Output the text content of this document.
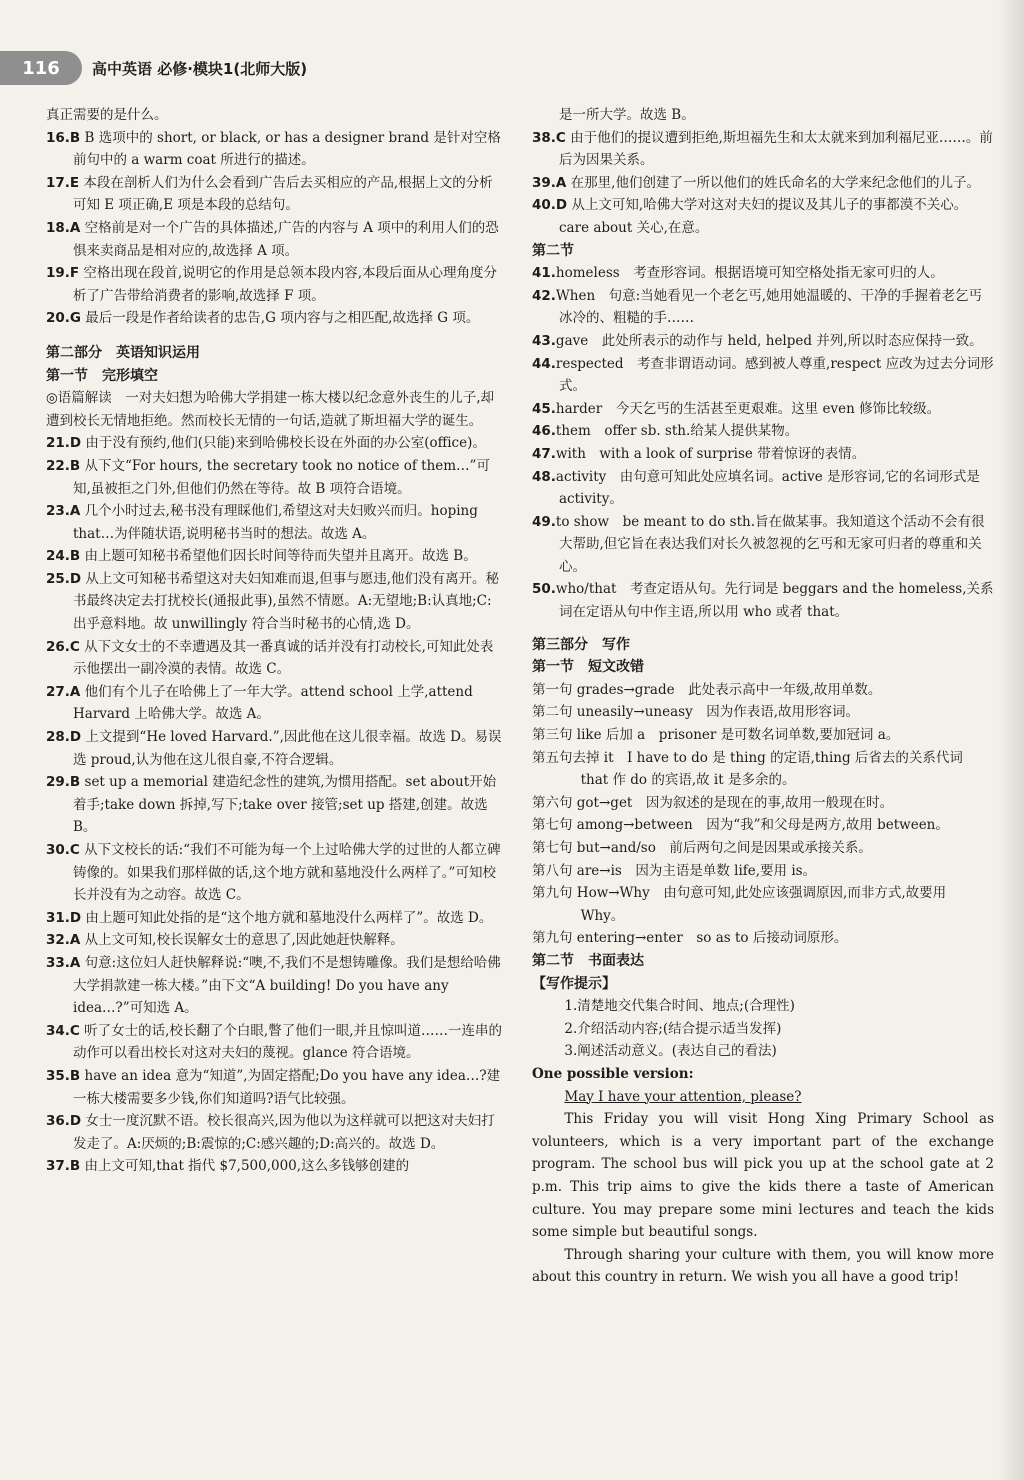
116	高中英语 必修·模块1(北师大版)

真正需要的是什么。

16.B B 选项中的 short, or black, or has a designer brand 是针对空格前句中的 a warm coat 所进行的描述。

17.E 本段在剖析人们为什么会看到广告后去买相应的产品,根据上文的分析可知 E 项正确,E 项是本段的总结句。

18.A 空格前是对一个广告的具体描述,广告的内容与 A 项中的利用人们的恐惧来卖商品是相对应的,故选择 A 项。

19.F 空格出现在段首,说明它的作用是总领本段内容,本段后面从心理角度分析了广告带给消费者的影响,故选择 F 项。

20.G 最后一段是作者给读者的忠告,G 项内容与之相匹配,故选择 G 项。

第二部分　英语知识运用

第一节　完形填空

◎语篇解读　一对夫妇想为哈佛大学捐建一栋大楼以纪念意外丧生的儿子,却遭到校长无情地拒绝。然而校长无情的一句话,造就了斯坦福大学的诞生。

21.D 由于没有预约,他们(只能)来到哈佛校长设在外面的办公室(office)。

22.B 从下文“For hours, the secretary took no notice of them…”可知,虽被拒之门外,但他们仍然在等待。故 B 项符合语境。

23.A 几个小时过去,秘书没有理睬他们,希望这对夫妇败兴而归。hoping that…为伴随状语,说明秘书当时的想法。故选 A。

24.B 由上题可知秘书希望他们因长时间等待而失望并且离开。故选 B。

25.D 从上文可知秘书希望这对夫妇知难而退,但事与愿违,他们没有离开。秘书最终决定去打扰校长(通报此事),虽然不情愿。A:无望地;B:认真地;C:出乎意料地。故 unwillingly 符合当时秘书的心情,选 D。

26.C 从下文女士的不幸遭遇及其一番真诚的话并没有打动校长,可知此处表示他摆出一副冷漠的表情。故选 C。

27.A 他们有个儿子在哈佛上了一年大学。attend school 上学,attend Harvard 上哈佛大学。故选 A。

28.D 上文提到“He loved Harvard.”,因此他在这儿很幸福。故选 D。易误选 proud,认为他在这儿很自豪,不符合逻辑。

29.B set up a memorial 建造纪念性的建筑,为惯用搭配。set about开始着手;take down 拆掉,写下;take over 接管;set up 搭建,创建。故选 B。

30.C 从下文校长的话:“我们不可能为每一个上过哈佛大学的过世的人都立碑铸像的。如果我们那样做的话,这个地方就和墓地没什么两样了。”可知校长并没有为之动容。故选 C。

31.D 由上题可知此处指的是“这个地方就和墓地没什么两样了”。故选 D。

32.A 从上文可知,校长误解女士的意思了,因此她赶快解释。

33.A 句意:这位妇人赶快解释说:“噢,不,我们不是想铸雕像。我们是想给哈佛大学捐款建一栋大楼。”由下文“A building! Do you have any idea…?”可知选 A。

34.C 听了女士的话,校长翻了个白眼,瞥了他们一眼,并且惊叫道……一连串的动作可以看出校长对这对夫妇的蔑视。glance 符合语境。

35.B have an idea 意为“知道”,为固定搭配;Do you have any idea…?建一栋大楼需要多少钱,你们知道吗?语气比较强。

36.D 女士一度沉默不语。校长很高兴,因为他以为这样就可以把这对夫妇打发走了。A:厌烦的;B:震惊的;C:感兴趣的;D:高兴的。故选 D。

37.B 由上文可知,that 指代 $7,500,000,这么多钱够创建的

是一所大学。故选 B。

38.C 由于他们的提议遭到拒绝,斯坦福先生和太太就来到加利福尼亚……。前后为因果关系。

39.A 在那里,他们创建了一所以他们的姓氏命名的大学来纪念他们的儿子。

40.D 从上文可知,哈佛大学对这对夫妇的提议及其儿子的事都漠不关心。care about 关心,在意。

第二节

41.homeless　考查形容词。根据语境可知空格处指无家可归的人。

42.When　句意:当她看见一个老乞丐,她用她温暖的、干净的手握着老乞丐冰冷的、粗糙的手……

43.gave　此处所表示的动作与 held, helped 并列,所以时态应保持一致。

44.respected　考查非谓语动词。感到被人尊重,respect 应改为过去分词形式。

45.harder　今天乞丐的生活甚至更艰难。这里 even 修饰比较级。

46.them　offer sb. sth.给某人提供某物。

47.with　with a look of surprise 带着惊讶的表情。

48.activity　由句意可知此处应填名词。active 是形容词,它的名词形式是 activity。

49.to show　be meant to do sth.旨在做某事。我知道这个活动不会有很大帮助,但它旨在表达我们对长久被忽视的乞丐和无家可归者的尊重和关心。

50.who/that　考查定语从句。先行词是 beggars and the homeless,关系词在定语从句中作主语,所以用 who 或者 that。

第三部分　写作

第一节　短文改错

第一句 grades→grade　此处表示高中一年级,故用单数。

第二句 uneasily→uneasy　因为作表语,故用形容词。

第三句 like 后加 a　prisoner 是可数名词单数,要加冠词 a。

第五句去掉 it　I have to do 是 thing 的定语,thing 后省去的关系代词 that 作 do 的宾语,故 it 是多余的。

第六句 got→get　因为叙述的是现在的事,故用一般现在时。

第七句 among→between　因为“我”和父母是两方,故用 between。

第七句 but→and/so　前后两句之间是因果或承接关系。

第八句 are→is　因为主语是单数 life,要用 is。

第九句 How→Why　由句意可知,此处应该强调原因,而非方式,故要用 Why。

第九句 entering→enter　so as to 后接动词原形。

第二节　书面表达

【写作提示】

1.清楚地交代集合时间、地点;(合理性)

2.介绍活动内容;(结合提示适当发挥)

3.阐述活动意义。(表达自己的看法)

One possible version:

May I have your attention, please?

This Friday you will visit Hong Xing Primary School as volunteers, which is a very important part of the exchange program. The school bus will pick you up at the school gate at 2 p.m. This trip aims to give the kids there a taste of American culture. You may prepare some mini lectures and teach the kids some simple but beautiful songs.

Through sharing your culture with them, you will know more about this country in return. We wish you all have a good trip!
